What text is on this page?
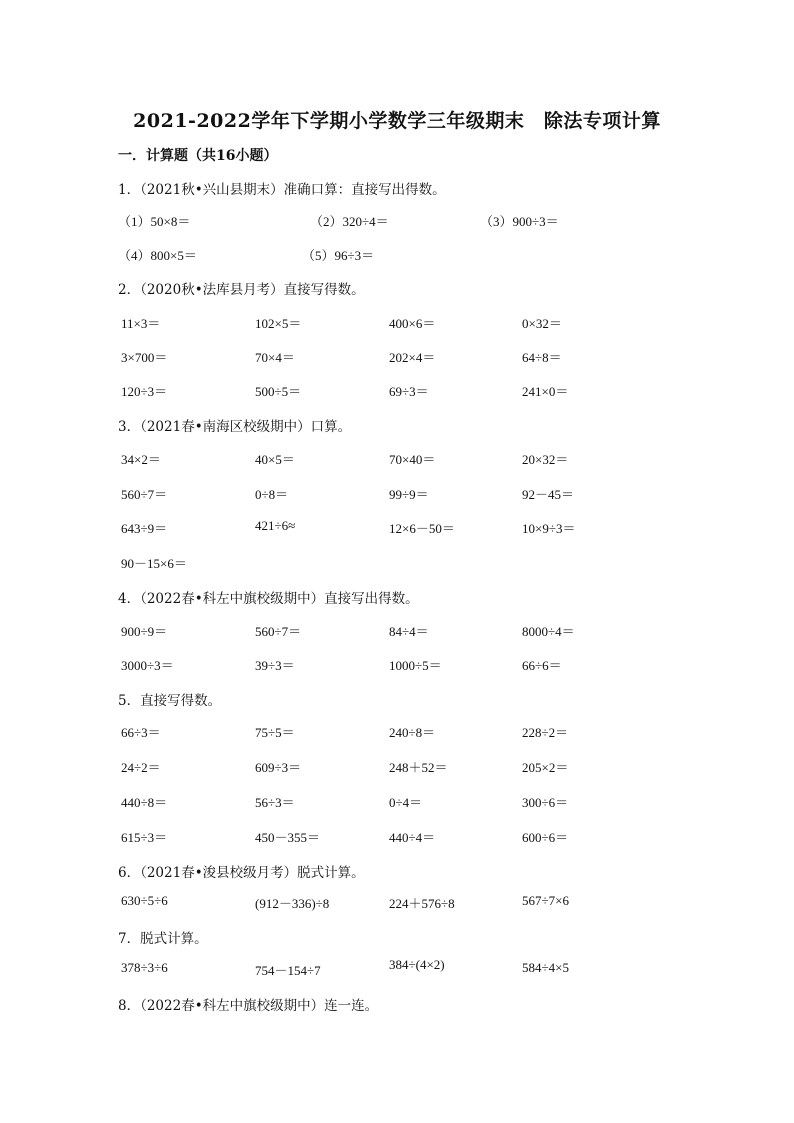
2021-2022学年下学期小学数学三年级期末　除法专项计算
一．计算题（共16小题）
1．（2021秋•兴山县期末）准确口算：直接写出得数。
（1）50×8＝	（2）320÷4＝	（3）900÷3＝
（4）800×5＝	（5）96÷3＝
2．（2020秋•法库县月考）直接写得数。
11×3＝	102×5＝	400×6＝	0×32＝
3×700＝	70×4＝	202×4＝	64÷8＝
120÷3＝	500÷5＝	69÷3＝	241×0＝
3．（2021春•南海区校级期中）口算。
34×2＝	40×5＝	70×40＝	20×32＝
560÷7＝	0÷8＝	99÷9＝	92－45＝
643÷9＝	421÷6≈	12×6－50＝	10×9÷3＝
90－15×6＝
4．（2022春•科左中旗校级期中）直接写出得数。
900÷9＝	560÷7＝	84÷4＝	8000÷4＝
3000÷3＝	39÷3＝	1000÷5＝	66÷6＝
5．直接写得数。
66÷3＝	75÷5＝	240÷8＝	228÷2＝
24÷2＝	609÷3＝	248＋52＝	205×2＝
440÷8＝	56÷3＝	0÷4＝	300÷6＝
615÷3＝	450－355＝	440÷4＝	600÷6＝
6．（2021春•浚县校级月考）脱式计算。
630÷5÷6	(912－336)÷8	224＋576÷8	567÷7×6
7．脱式计算。
378÷3÷6	754－154÷7	384÷(4×2)	584÷4×5
8．（2022春•科左中旗校级期中）连一连。
